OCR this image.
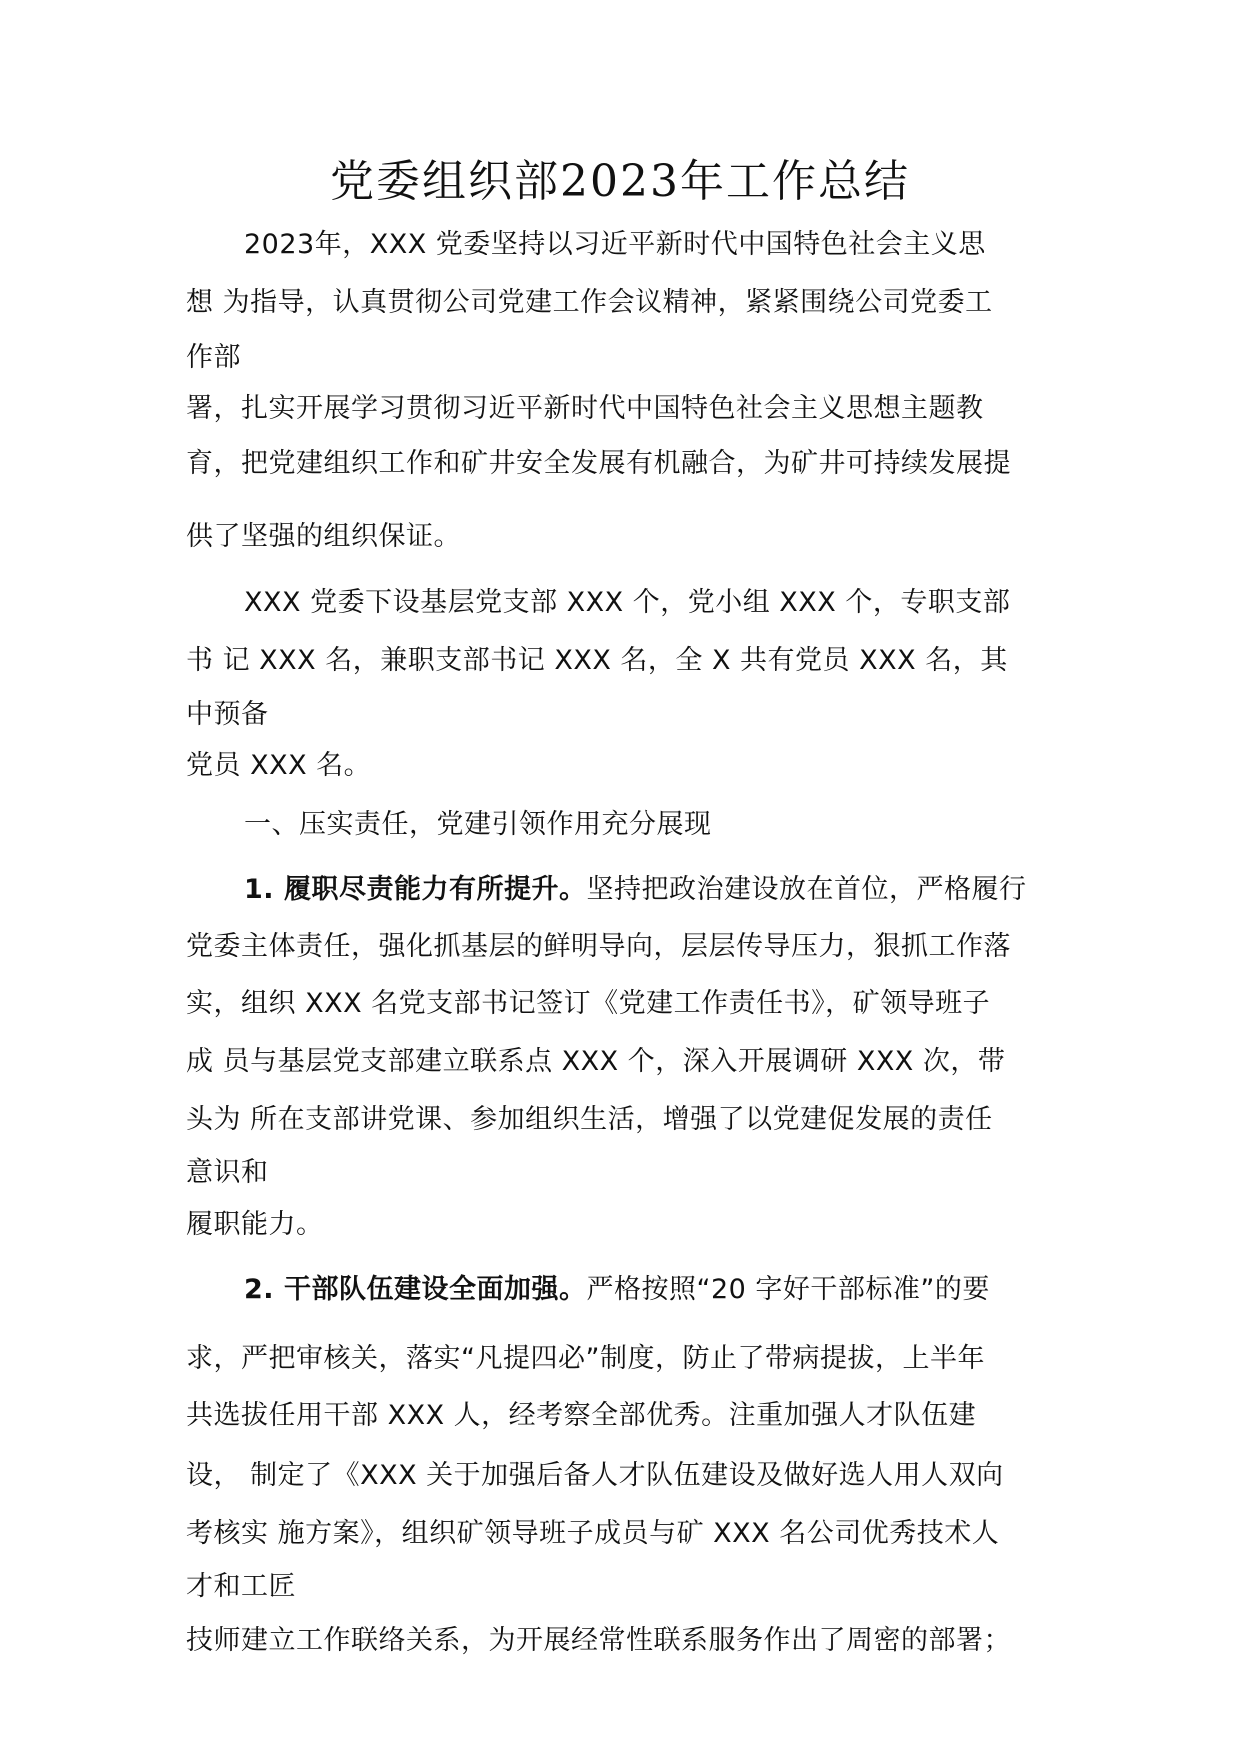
党委组织部2023年工作总结
2023年，XXX 党委坚持以习近平新时代中国特色社会主义思
想 为指导，认真贯彻公司党建工作会议精神，紧紧围绕公司党委工
作部
署，扎实开展学习贯彻习近平新时代中国特色社会主义思想主题教
育，把党建组织工作和矿井安全发展有机融合，为矿井可持续发展提
供了坚强的组织保证。
XXX 党委下设基层党支部 XXX 个，党小组 XXX 个，专职支部
书 记 XXX 名，兼职支部书记 XXX 名，全 X 共有党员 XXX 名，其
中预备
党员 XXX 名。
一、压实责任，党建引领作用充分展现
1. 履职尽责能力有所提升。坚持把政治建设放在首位，严格履行
党委主体责任，强化抓基层的鲜明导向，层层传导压力，狠抓工作落
实，组织 XXX 名党支部书记签订《党建工作责任书》，矿领导班子
成 员与基层党支部建立联系点 XXX 个，深入开展调研 XXX 次，带
头为 所在支部讲党课、参加组织生活，增强了以党建促发展的责任
意识和
履职能力。
2. 干部队伍建设全面加强。严格按照“20 字好干部标准”的要
求，严把审核关，落实“凡提四必”制度，防止了带病提拔，上半年
共选拔任用干部 XXX 人，经考察全部优秀。注重加强人才队伍建
设， 制定了《XXX 关于加强后备人才队伍建设及做好选人用人双向
考核实 施方案》，组织矿领导班子成员与矿 XXX 名公司优秀技术人
才和工匠
技师建立工作联络关系，为开展经常性联系服务作出了周密的部署；
